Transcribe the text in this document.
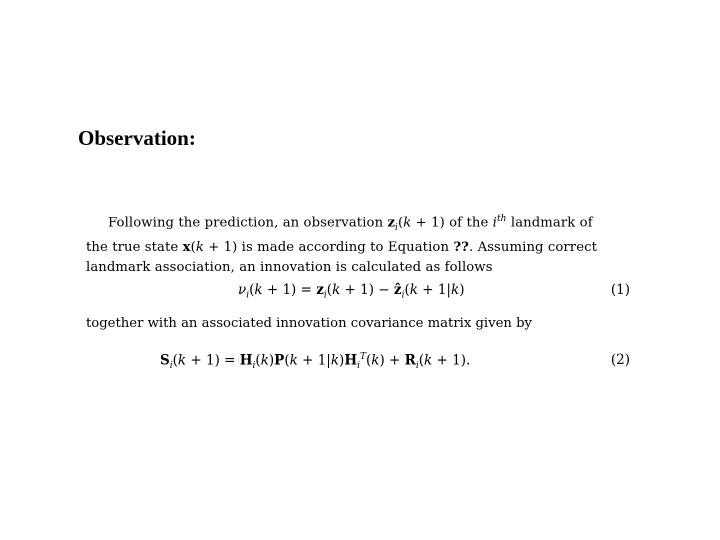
Observation:
Following the prediction, an observation $z_i(k + 1)$ of the $i^{th}$ landmark of
the true state x(k + 1) is made according to Equation ??. Assuming correct
landmark association, an innovation is calculated as follows
$\nu_i(k + 1) = z_i(k + 1)$ − ẑ$_i$(k + 1|k)	(1)
together with an associated innovation covariance matrix given by
$S_i(k + 1) = H_i(k)P(k + 1|k)H_i^T(k) + R_i(k + 1)$.	(2)
